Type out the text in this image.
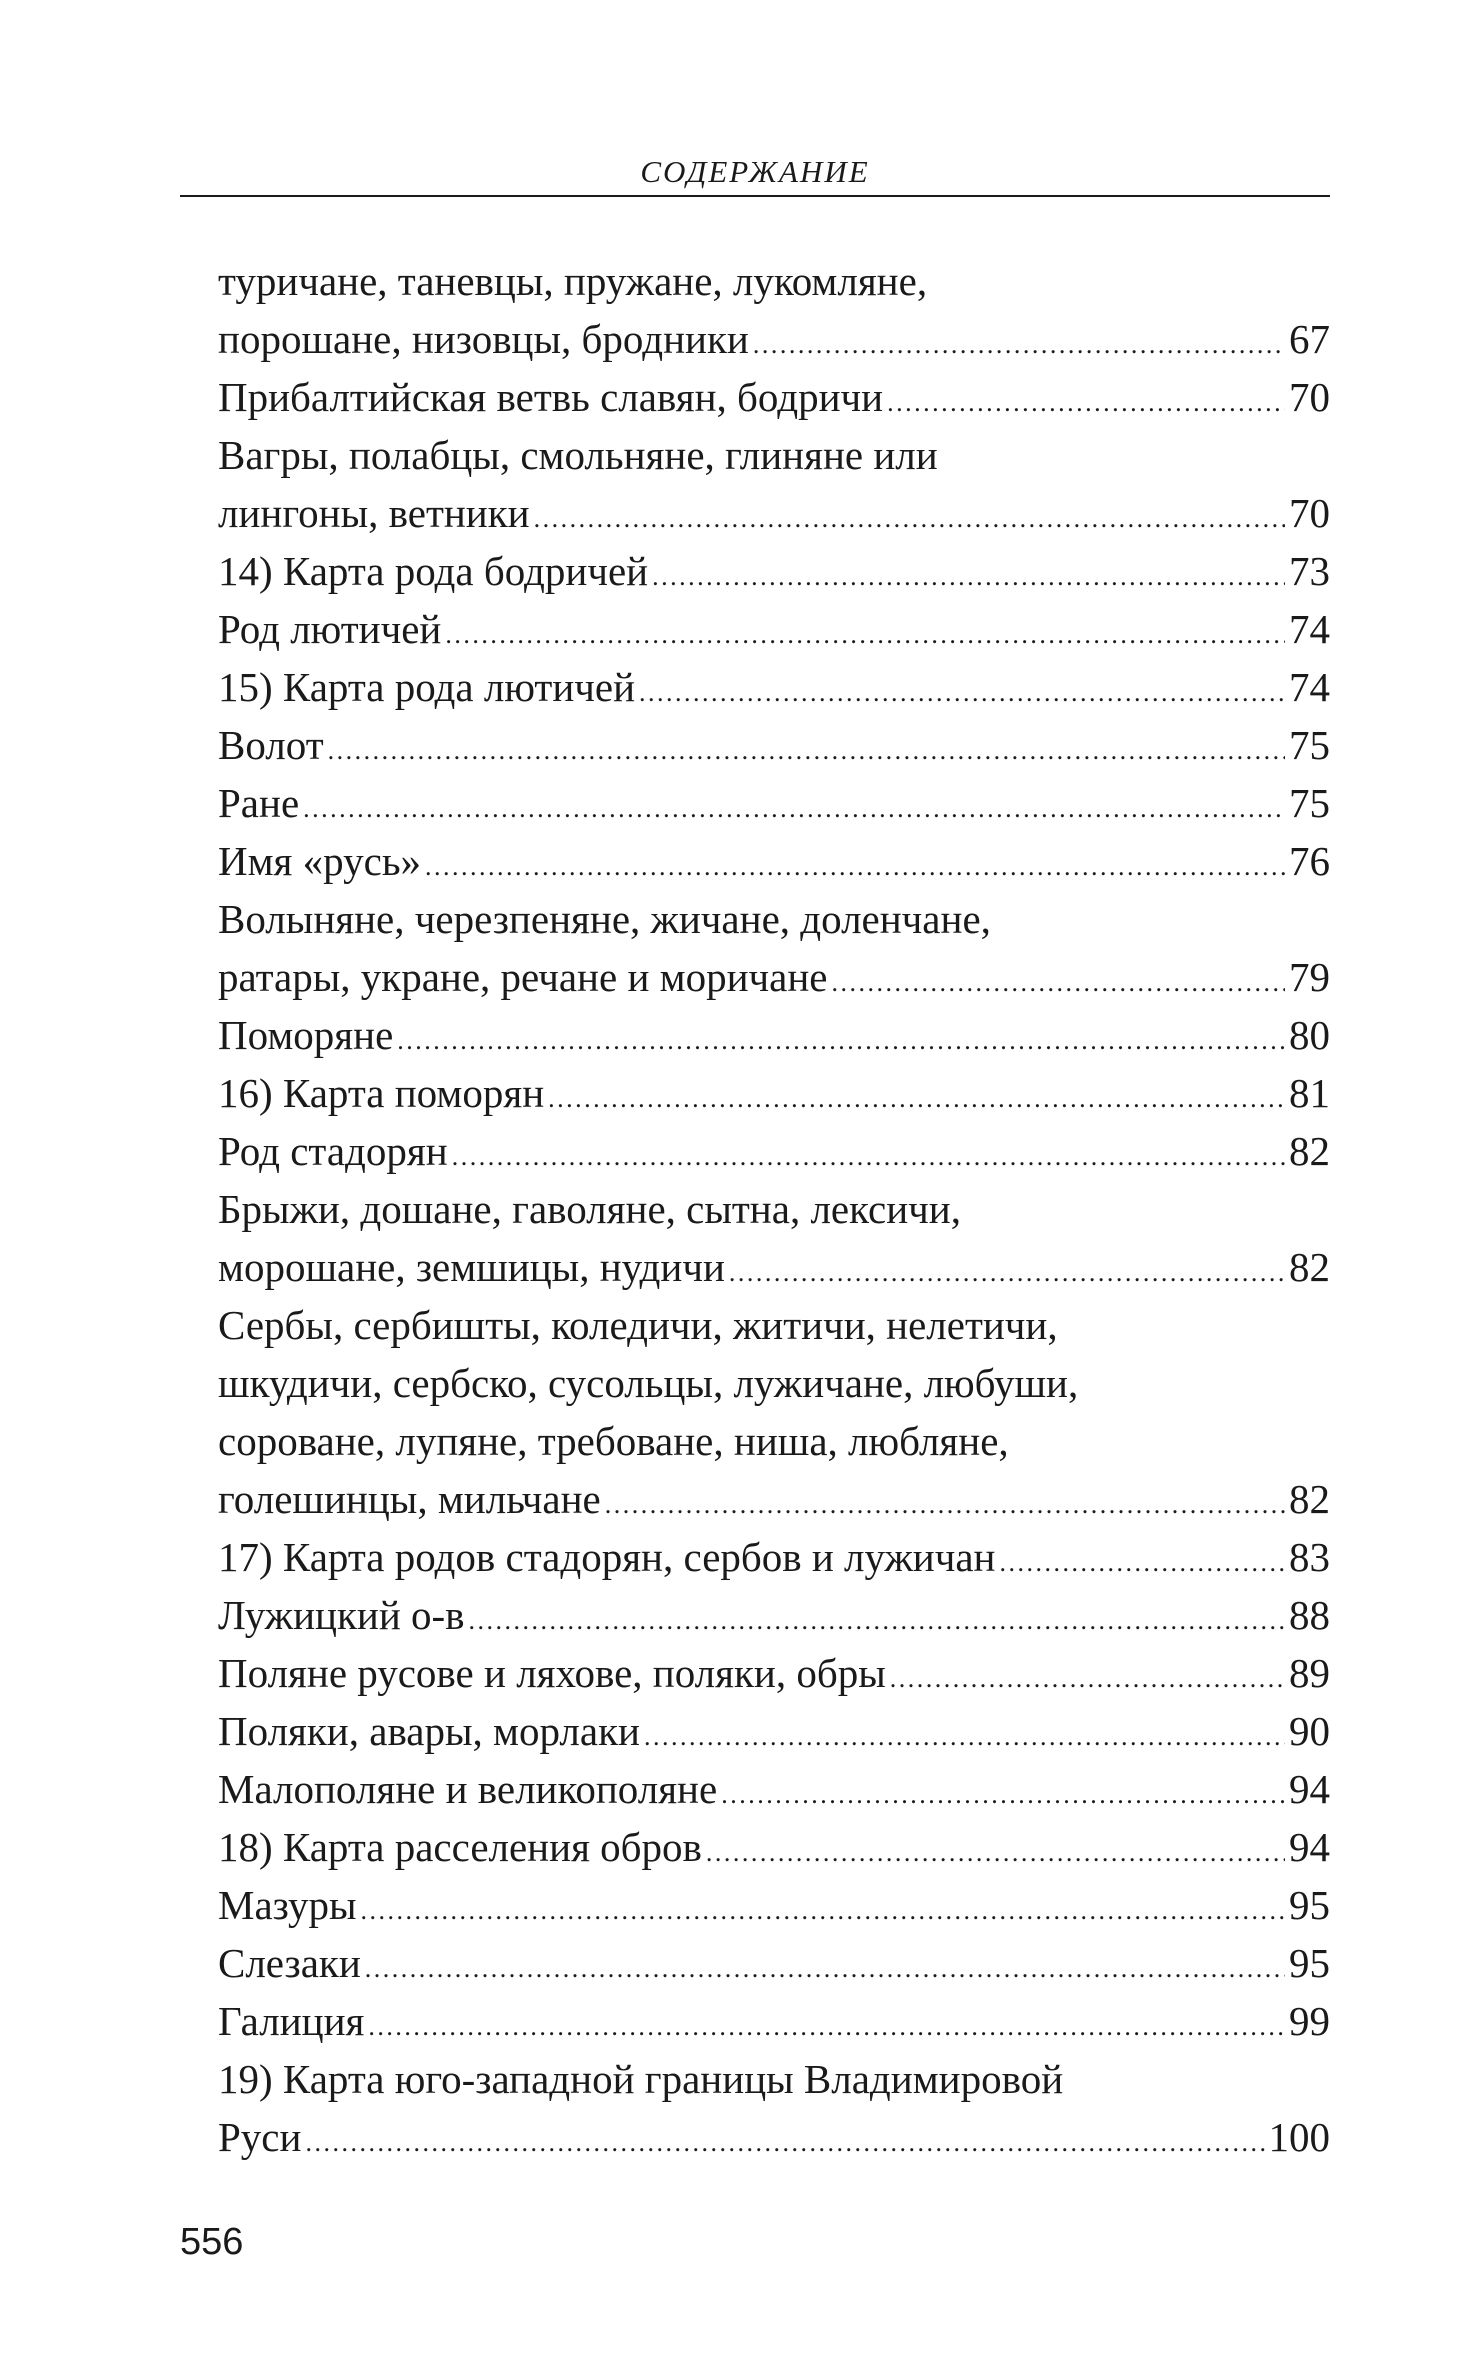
СОДЕРЖАНИЕ
туричане, таневцы, пружане, лукомляне,
порошане, низовцы, бродники . . .	67
Прибалтийская ветвь славян, бодричи . . .	70
Вагры, полабцы, смольняне, глиняне или
лингоны, ветники . . .	70
14) Карта рода бодричей . . .	73
Род лютичей . . .	74
15) Карта рода лютичей . . .	74
Волот . . .	75
Ране . . .	75
Имя «русь» . . .	76
Волыняне, черезпеняне, жичане, доленчане,
ратары, укране, речане и моричане . . .	79
Поморяне . . .	80
16) Карта поморян . . .	81
Род стадорян . . .	82
Брыжи, дошане, гаволяне, сытна, лексичи,
морошане, земшицы, нудичи . . .	82
Сербы, сербишты, коледичи, житичи, нелетичи,
шкудичи, сербско, сусольцы, лужичане, любуши,
сорованe, лупяне, требоване, ниша, любляне,
голешинцы, мильчане . . .	82
17) Карта родов стадорян, сербов и лужичан . . .	83
Лужицкий о-в . . .	88
Поляне русове и ляхове, поляки, обры . . .	89
Поляки, авары, морлаки . . .	90
Малополяне и великополяне . . .	94
18) Карта расселения обров . . .	94
Мазуры . . .	95
Слезаки . . .	95
Галиция . . .	99
19) Карта юго-западной границы Владимировой
Руси . . .	100
556
